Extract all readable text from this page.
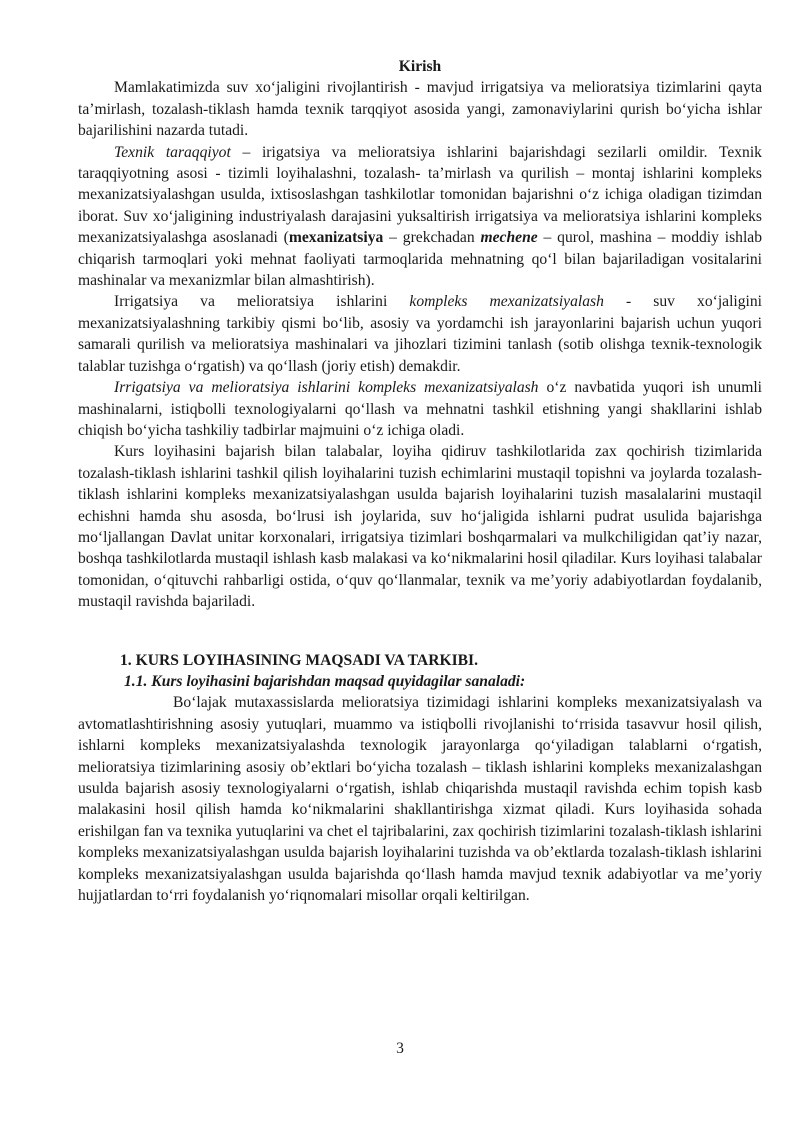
Kirish

Mamlakatimizda suv xo‘jaligini rivojlantirish - mavjud irrigatsiya va melioratsiya tizimlarini qayta ta’mirlash, tozalash-tiklash hamda texnik tarqqiyot asosida yangi, zamonaviylarini qurish bo‘yicha ishlar bajarilishini nazarda tutadi.

Texnik taraqqiyot – irigatsiya va melioratsiya ishlarini bajarishdagi sezilarli omildir. Texnik taraqqiyotning asosi - tizimli loyihalashni, tozalash- ta’mirlash va qurilish – montaj ishlarini kompleks mexanizatsiyalashgan usulda, ixtisoslashgan tashkilotlar tomonidan bajarishni o‘z ichiga oladigan tizimdan iborat. Suv xo‘jaligining industriyalash darajasini yuksaltirish irrigatsiya va melioratsiya ishlarini kompleks mexanizatsiyalashga asoslanadi (mexanizatsiya – grekchadan mechene – qurol, mashina – moddiy ishlab chiqarish tarmoqlari yoki mehnat faoliyati tarmoqlarida mehnatning qo‘l bilan bajariladigan vositalarini mashinalar va mexanizmlar bilan almashtirish).

Irrigatsiya va melioratsiya ishlarini kompleks mexanizatsiyalash - suv xo‘jaligini mexanizatsiyalashning tarkibiy qismi bo‘lib, asosiy va yordamchi ish jarayonlarini bajarish uchun yuqori samarali qurilish va melioratsiya mashinalari va jihozlari tizimini tanlash (sotib olishga texnik-texnologik talablar tuzishga o‘rgatish) va qo‘llash (joriy etish) demakdir.

Irrigatsiya va melioratsiya ishlarini kompleks mexanizatsiyalash o‘z navbatida yuqori ish unumli mashinalarni, istiqbolli texnologiyalarni qo‘llash va mehnatni tashkil etishning yangi shakllarini ishlab chiqish bo‘yicha tashkiliy tadbirlar majmuini o‘z ichiga oladi.

Kurs loyihasini bajarish bilan talabalar, loyiha qidiruv tashkilotlarida zax qochirish tizimlarida tozalash-tiklash ishlarini tashkil qilish loyihalarini tuzish echimlarini mustaqil topishni va joylarda tozalash-tiklash ishlarini kompleks mexanizatsiyalashgan usulda bajarish loyihalarini tuzish masalalarini mustaqil echishni hamda shu asosda, bo‘lrusi ish joylarida, suv ho‘jaligida ishlarni pudrat usulida bajarishga mo‘ljallangan Davlat unitar korxonalari, irrigatsiya tizimlari boshqarmalari va mulkchiligidan qat’iy nazar, boshqa tashkilotlarda mustaqil ishlash kasb malakasi va ko‘nikmalarini hosil qiladilar. Kurs loyihasi talabalar tomonidan, o‘qituvchi rahbarligi ostida, o‘quv qo‘llanmalar, texnik va me’yoriy adabiyotlardan foydalanib, mustaqil ravishda bajariladi.

1. KURS LOYIHASINING MAQSADI VA TARKIBI.

1.1. Kurs loyihasini bajarishdan maqsad quyidagilar sanaladi:

Bo‘lajak mutaxassislarda melioratsiya tizimidagi ishlarini kompleks mexanizatsiyalash va avtomatlashtirishning asosiy yutuqlari, muammo va istiqbolli rivojlanishi to‘rrisida tasavvur hosil qilish, ishlarni kompleks mexanizatsiyalashda texnologik jarayonlarga qo‘yiladigan talablarni o‘rgatish, melioratsiya tizimlarining asosiy ob’ektlari bo‘yicha tozalash – tiklash ishlarini kompleks mexanizalashgan usulda bajarish asosiy texnologiyalarni o‘rgatish, ishlab chiqarishda mustaqil ravishda echim topish kasb malakasini hosil qilish hamda ko‘nikmalarini shakllantirishga xizmat qiladi. Kurs loyihasida sohada erishilgan fan va texnika yutuqlarini va chet el tajribalarini, zax qochirish tizimlarini tozalash-tiklash ishlarini kompleks mexanizatsiyalashgan usulda bajarish loyihalarini tuzishda va ob’ektlarda tozalash-tiklash ishlarini kompleks mexanizatsiyalashgan usulda bajarishda qo‘llash hamda mavjud texnik adabiyotlar va me’yoriy hujjatlardan to‘rri foydalanish yo‘riqnomalari misollar orqali keltirilgan.

3
